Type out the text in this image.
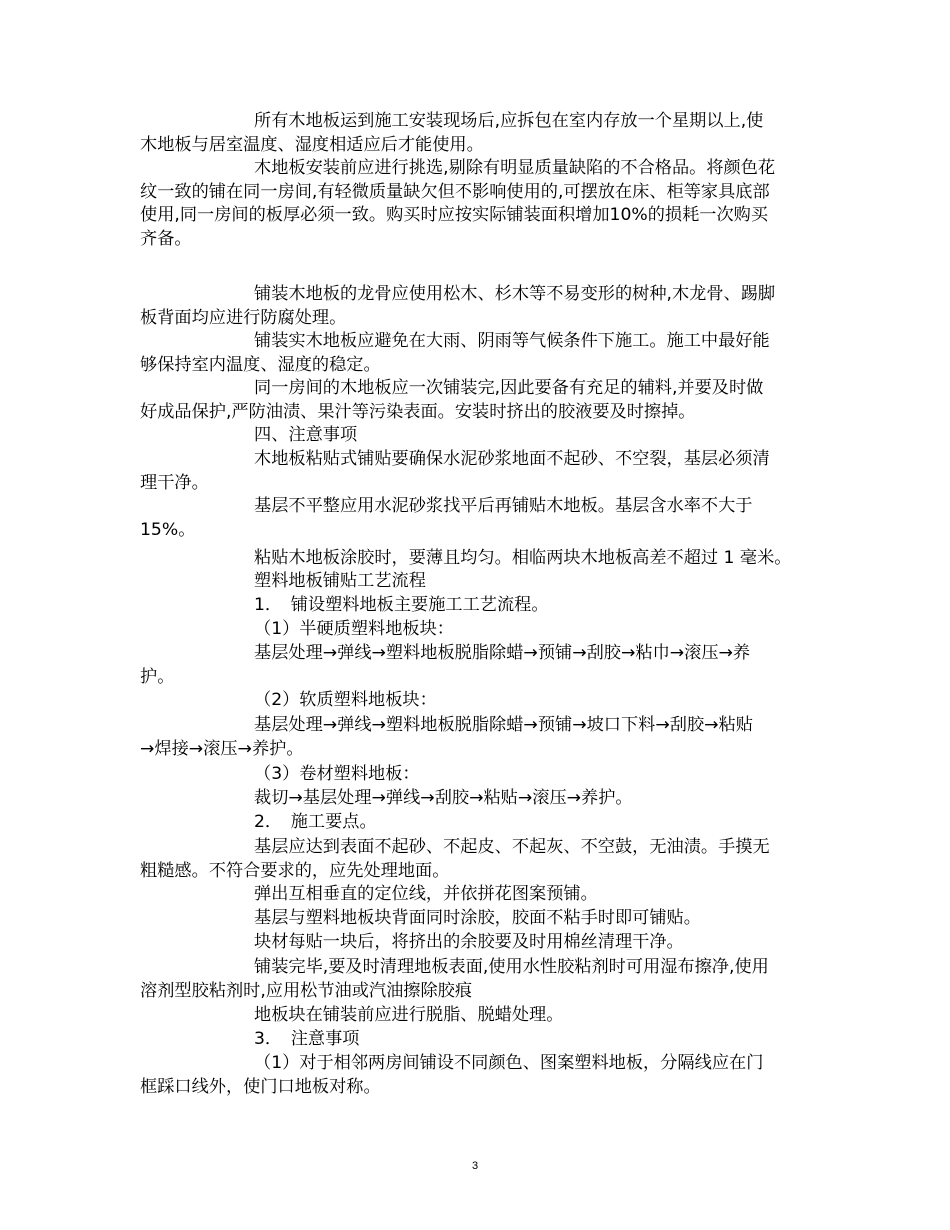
所有木地板运到施工安装现场后,应拆包在室内存放一个星期以上,使
木地板与居室温度、湿度相适应后才能使用。
木地板安装前应进行挑选,剔除有明显质量缺陷的不合格品。将颜色花
纹一致的铺在同一房间,有轻微质量缺欠但不影响使用的,可摆放在床、柜等家具底部
使用,同一房间的板厚必须一致。购买时应按实际铺装面积增加10%的损耗一次购买
齐备。
铺装木地板的龙骨应使用松木、杉木等不易变形的树种,木龙骨、踢脚
板背面均应进行防腐处理。
铺装实木地板应避免在大雨、阴雨等气候条件下施工。施工中最好能
够保持室内温度、湿度的稳定。
同一房间的木地板应一次铺装完,因此要备有充足的辅料,并要及时做
好成品保护,严防油渍、果汁等污染表面。安装时挤出的胶液要及时擦掉。
四、注意事项
木地板粘贴式铺贴要确保水泥砂浆地面不起砂、不空裂，基层必须清
理干净。
基层不平整应用水泥砂浆找平后再铺贴木地板。基层含水率不大于
15%。
粘贴木地板涂胶时，要薄且均匀。相临两块木地板高差不超过 1 毫米。
塑料地板铺贴工艺流程
1．　铺设塑料地板主要施工工艺流程。
（1）半硬质塑料地板块：
基层处理→弹线→塑料地板脱脂除蜡→预铺→刮胶→粘巾→滚压→养
护。
（2）软质塑料地板块：
基层处理→弹线→塑料地板脱脂除蜡→预铺→坡口下料→刮胶→粘贴
→焊接→滚压→养护。
（3）卷材塑料地板：
裁切→基层处理→弹线→刮胶→粘贴→滚压→养护。
2．　施工要点。
基层应达到表面不起砂、不起皮、不起灰、不空鼓，无油渍。手摸无
粗糙感。不符合要求的，应先处理地面。
弹出互相垂直的定位线，并依拼花图案预铺。
基层与塑料地板块背面同时涂胶，胶面不粘手时即可铺贴。
块材每贴一块后，将挤出的余胶要及时用棉丝清理干净。
铺装完毕,要及时清理地板表面,使用水性胶粘剂时可用湿布擦净,使用
溶剂型胶粘剂时,应用松节油或汽油擦除胶痕
地板块在铺装前应进行脱脂、脱蜡处理。
3．　注意事项
（1）对于相邻两房间铺设不同颜色、图案塑料地板，分隔线应在门
框踩口线外，使门口地板对称。
3
